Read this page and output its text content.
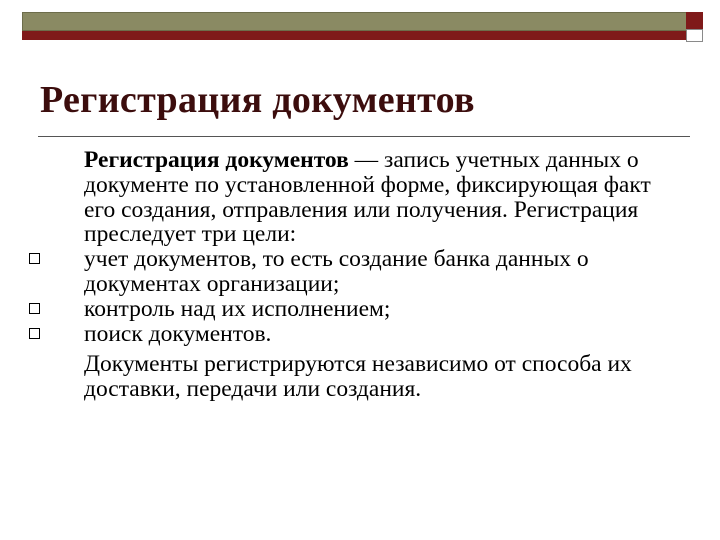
Регистрация документов

Регистрация документов — запись учетных данных о документе по установленной форме, фиксирующая факт его создания, отправления или получения. Регистрация преследует три цели:

учет документов, то есть создание банка данных о документах организации;
контроль над их исполнением;
поиск документов.

Документы регистрируются независимо от способа их доставки, передачи или создания.
